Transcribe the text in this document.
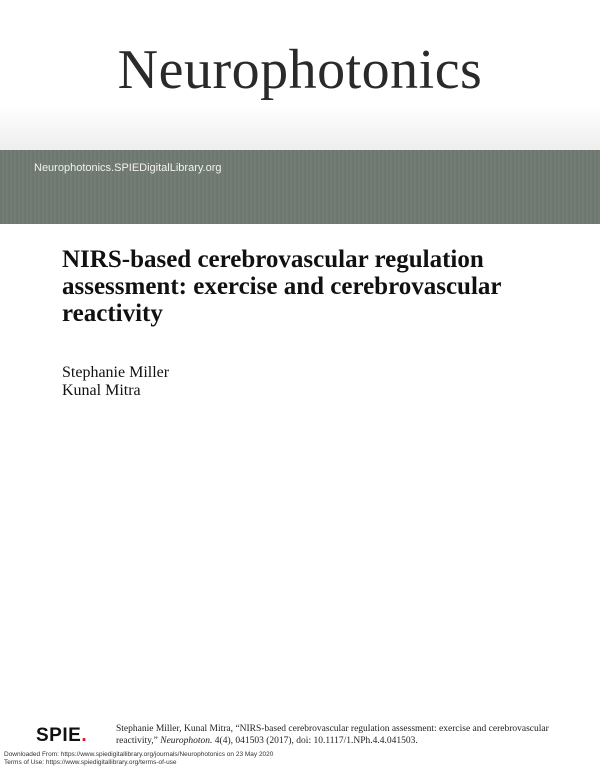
Neurophotonics
Neurophotonics.SPIEDigitalLibrary.org
NIRS-based cerebrovascular regulation assessment: exercise and cerebrovascular reactivity
Stephanie Miller
Kunal Mitra
SPIE.	Stephanie Miller, Kunal Mitra, “NIRS-based cerebrovascular regulation assessment: exercise and cerebrovascular reactivity,” Neurophoton. 4(4), 041503 (2017), doi: 10.1117/1.NPh.4.4.041503.
Downloaded From: https://www.spiedigitallibrary.org/journals/Neurophotonics on 23 May 2020
Terms of Use: https://www.spiedigitallibrary.org/terms-of-use
